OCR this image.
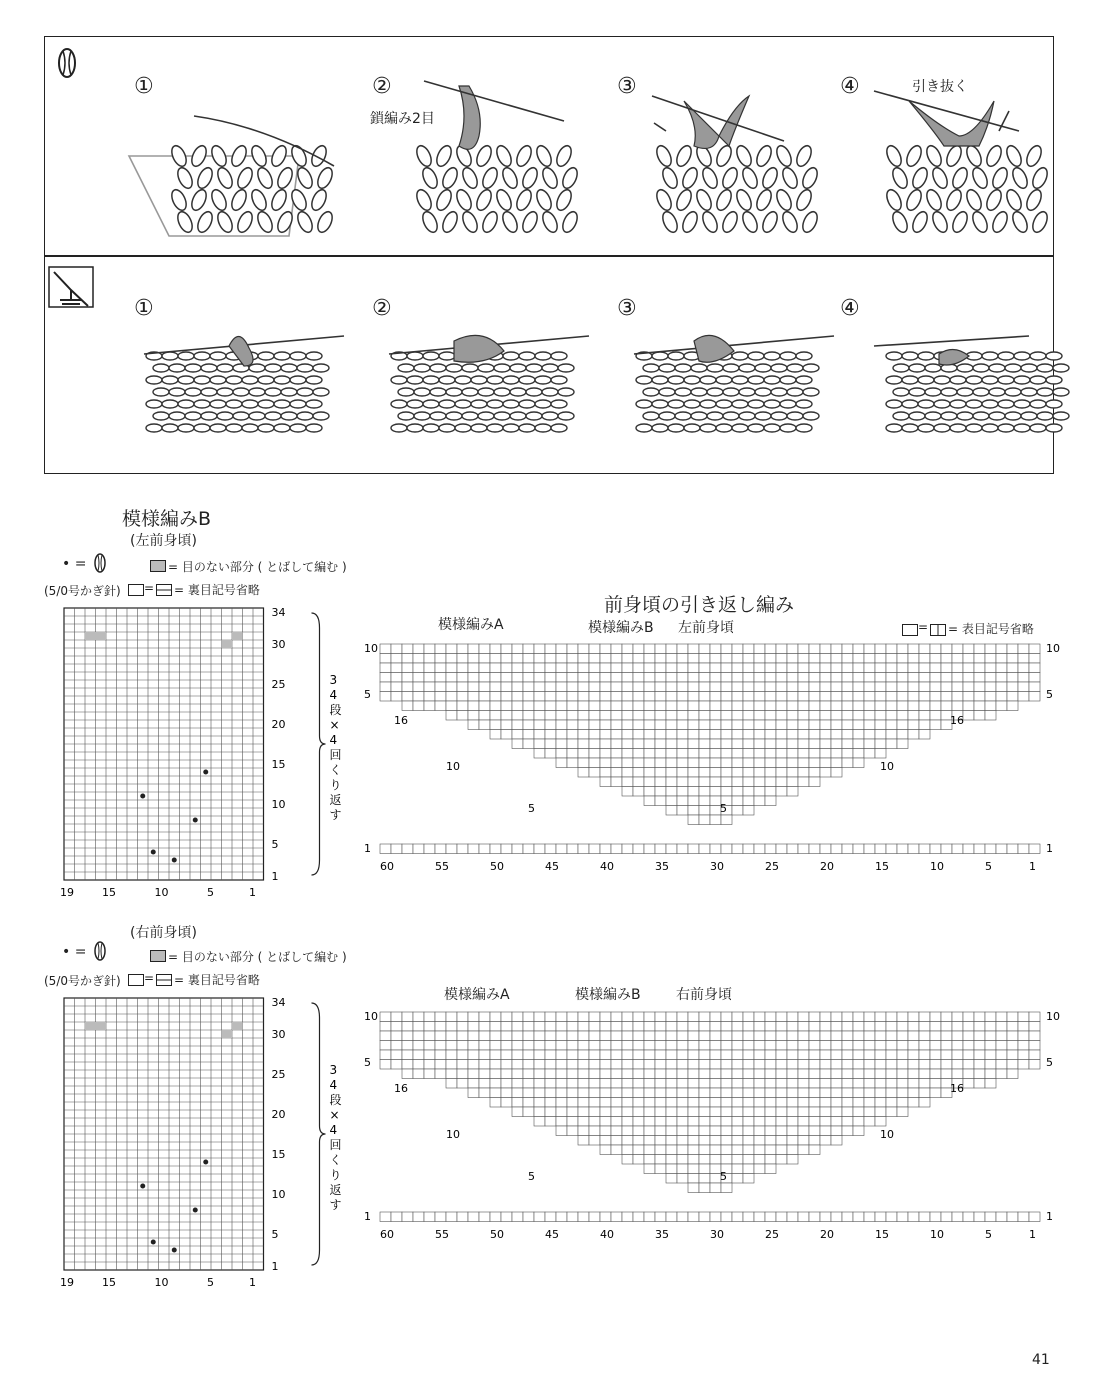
①	②	③	④
鎖編み2目
引き抜く
①	②	③	④
模様編みB
(左前身頃)
• =	= 目のない部分 ( とばして編む )
(5/0号かぎ針) = = 裏目記号省略
34
30
25
20
15
10
5
1
19	15	10	5	1
3
4
段
×
4
回
く
り
返
す
(右前身頃)
• =	= 目のない部分 ( とばして編む )
(5/0号かぎ針) = = 裏目記号省略
34
30
25
20
15
10
5
1
19	15	10	5	1
3
4
段
×
4
回
く
り
返
す
前身頃の引き返し編み
模様編みA	模様編みB 左前身頃	= = 表目記号省略
10
5
16
10
5
1
10
5
16
10
5
1
60	55	50	45	40	35	30	25	20	15	10	5	1
模様編みA	模様編みB	右前身頃
10
5
16
10
5
1
10
5
16
10
5
1
60	55	50	45	40	35	30	25	20	15	10	5	1
41
